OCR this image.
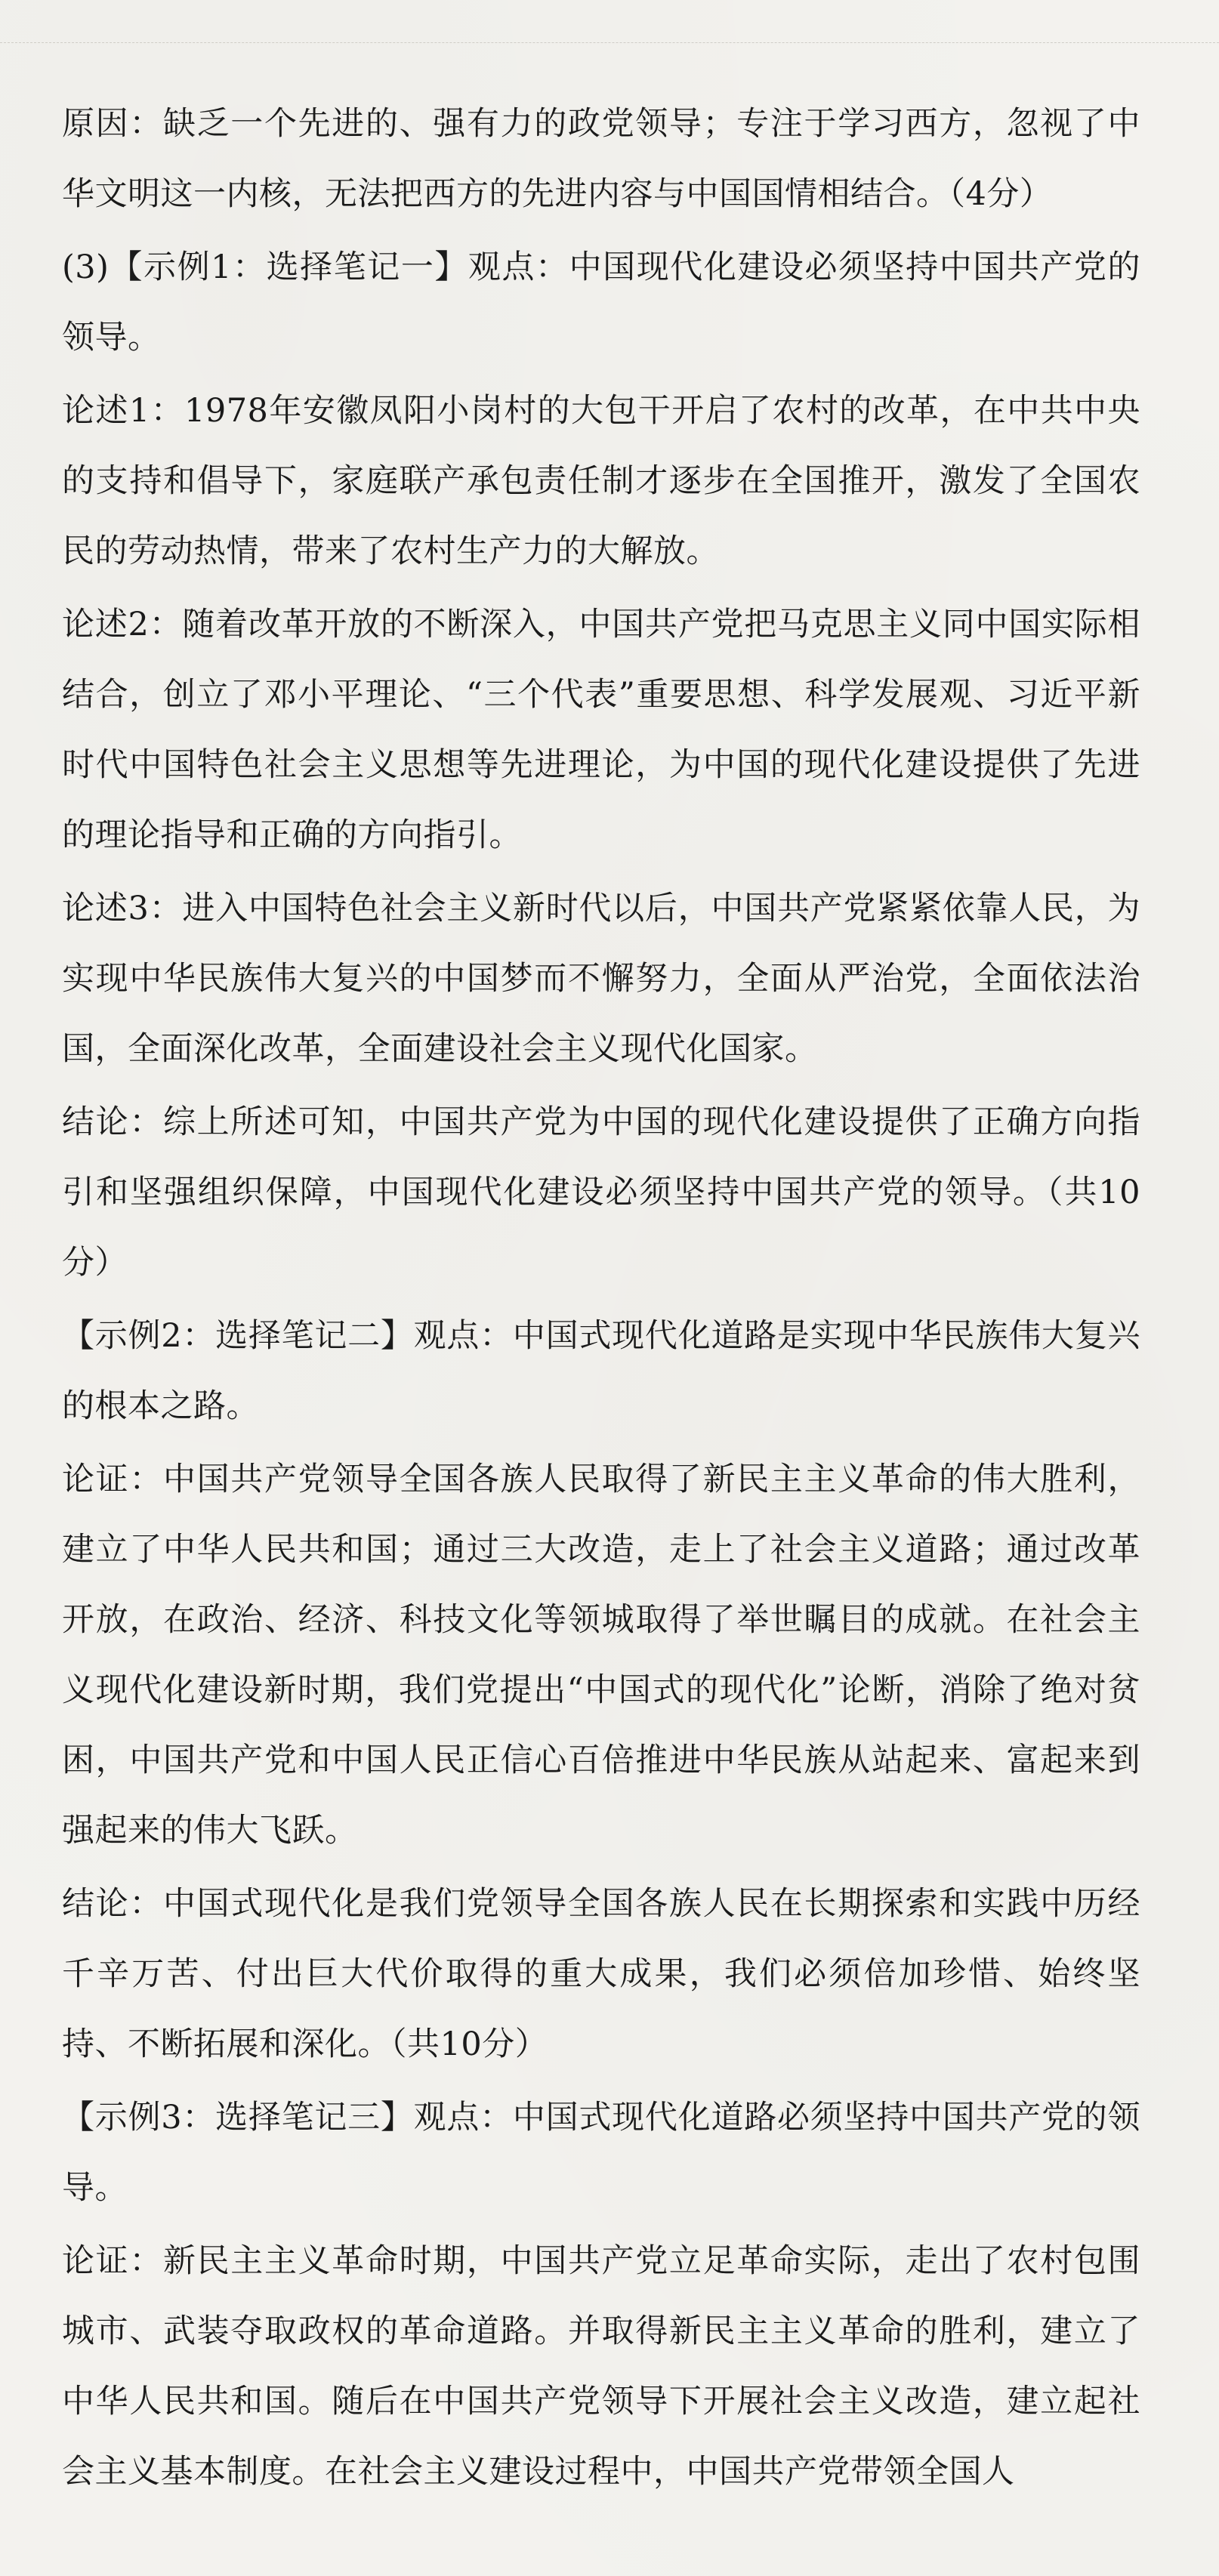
原因：缺乏一个先进的、强有力的政党领导；专注于学习西方，忽视了中华文明这一内核，无法把西方的先进内容与中国国情相结合。（4分）

(3)【示例1：选择笔记一】观点：中国现代化建设必须坚持中国共产党的领导。

论述1：1978年安徽凤阳小岗村的大包干开启了农村的改革，在中共中央的支持和倡导下，家庭联产承包责任制才逐步在全国推开，激发了全国农民的劳动热情，带来了农村生产力的大解放。

论述2：随着改革开放的不断深入，中国共产党把马克思主义同中国实际相结合，创立了邓小平理论、“三个代表”重要思想、科学发展观、习近平新时代中国特色社会主义思想等先进理论，为中国的现代化建设提供了先进的理论指导和正确的方向指引。

论述3：进入中国特色社会主义新时代以后，中国共产党紧紧依靠人民，为实现中华民族伟大复兴的中国梦而不懈努力，全面从严治党，全面依法治国，全面深化改革，全面建设社会主义现代化国家。

结论：综上所述可知，中国共产党为中国的现代化建设提供了正确方向指引和坚强组织保障，中国现代化建设必须坚持中国共产党的领导。（共10分）

【示例2：选择笔记二】观点：中国式现代化道路是实现中华民族伟大复兴的根本之路。

论证：中国共产党领导全国各族人民取得了新民主主义革命的伟大胜利，建立了中华人民共和国；通过三大改造，走上了社会主义道路；通过改革开放，在政治、经济、科技文化等领城取得了举世瞩目的成就。在社会主义现代化建设新时期，我们党提出“中国式的现代化”论断，消除了绝对贫困，中国共产党和中国人民正信心百倍推进中华民族从站起来、富起来到强起来的伟大飞跃。

结论：中国式现代化是我们党领导全国各族人民在长期探索和实践中历经千辛万苦、付出巨大代价取得的重大成果，我们必须倍加珍惜、始终坚持、不断拓展和深化。（共10分）

【示例3：选择笔记三】观点：中国式现代化道路必须坚持中国共产党的领导。

论证：新民主主义革命时期，中国共产党立足革命实际，走出了农村包围城市、武装夺取政权的革命道路。并取得新民主主义革命的胜利，建立了中华人民共和国。随后在中国共产党领导下开展社会主义改造，建立起社会主义基本制度。在社会主义建设过程中，中国共产党带领全国人
